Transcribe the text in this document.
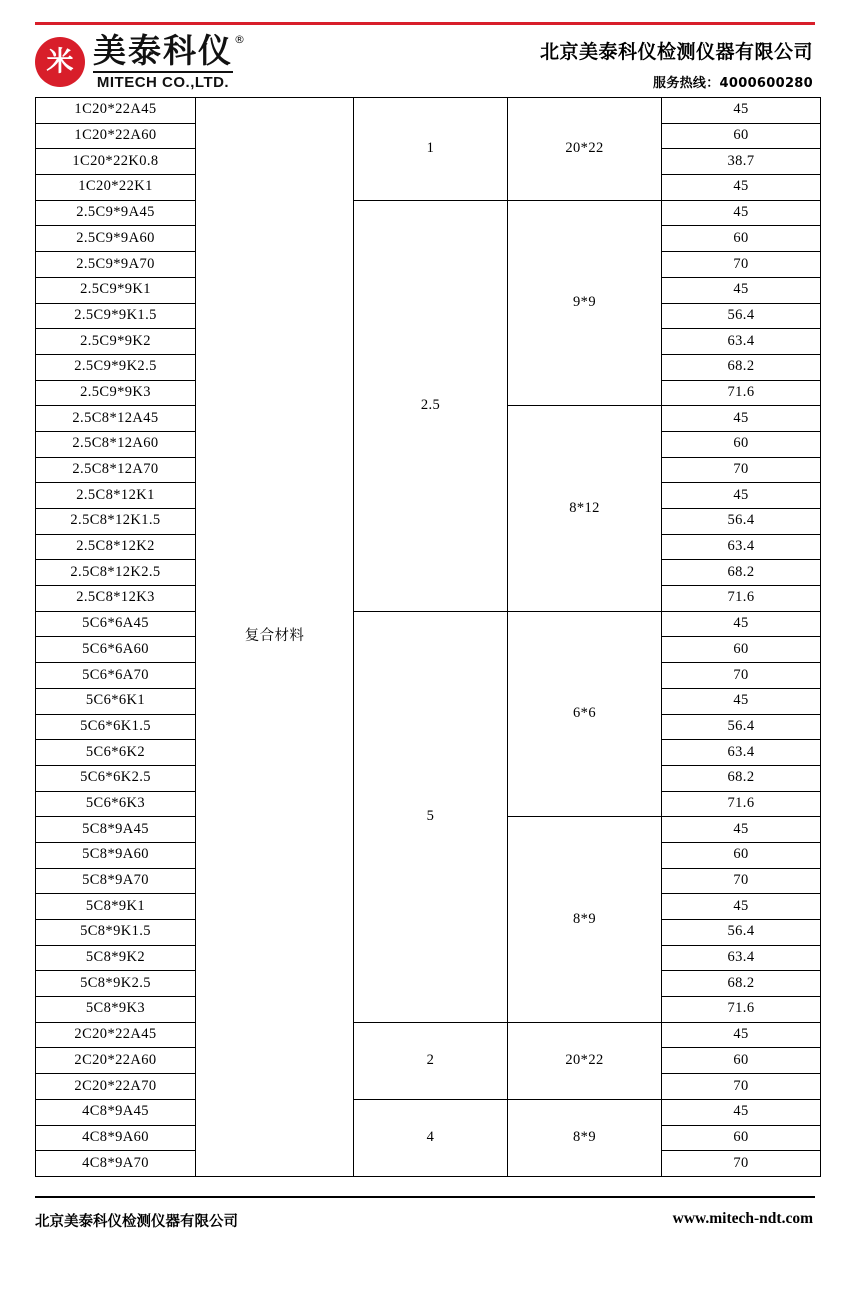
米 美泰科仪 ®
MITECH CO.,LTD.
北京美泰科仪检测仪器有限公司
服务热线：4000600280
1C20*22A45	复合材料	1	20*22	45
1C20*22A60				60
1C20*22K0.8				38.7
1C20*22K1				45
2.5C9*9A45		2.5	9*9	45
2.5C9*9A60				60
2.5C9*9A70				70
2.5C9*9K1				45
2.5C9*9K1.5				56.4
2.5C9*9K2				63.4
2.5C9*9K2.5				68.2
2.5C9*9K3				71.6
2.5C8*12A45			8*12	45
2.5C8*12A60				60
2.5C8*12A70				70
2.5C8*12K1				45
2.5C8*12K1.5				56.4
2.5C8*12K2				63.4
2.5C8*12K2.5				68.2
2.5C8*12K3				71.6
5C6*6A45		5	6*6	45
5C6*6A60				60
5C6*6A70				70
5C6*6K1				45
5C6*6K1.5				56.4
5C6*6K2				63.4
5C6*6K2.5				68.2
5C6*6K3				71.6
5C8*9A45			8*9	45
5C8*9A60				60
5C8*9A70				70
5C8*9K1				45
5C8*9K1.5				56.4
5C8*9K2				63.4
5C8*9K2.5				68.2
5C8*9K3				71.6
2C20*22A45		2	20*22	45
2C20*22A60				60
2C20*22A70				70
4C8*9A45		4	8*9	45
4C8*9A60				60
4C8*9A70				70
北京美泰科仪检测仪器有限公司	www.mitech-ndt.com
